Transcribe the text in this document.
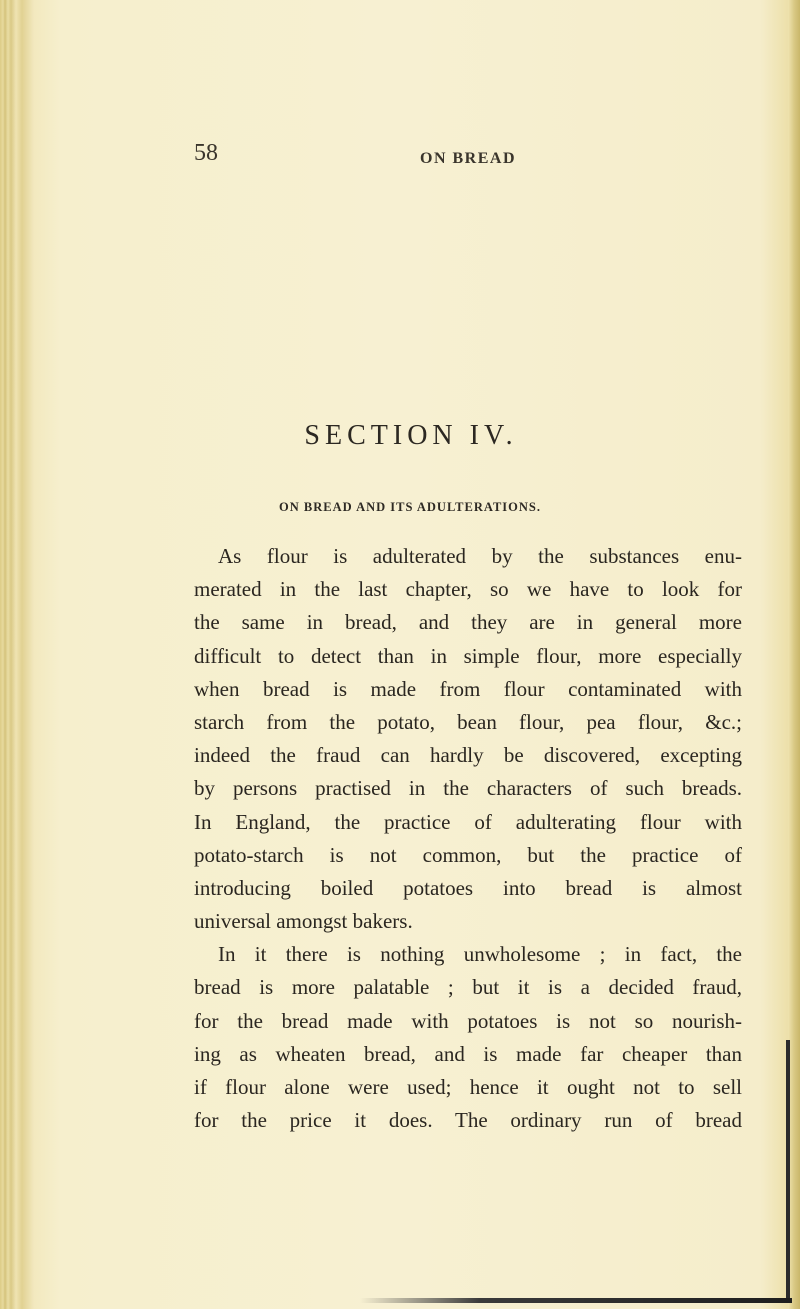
58	ON BREAD
SECTION IV.
ON BREAD AND ITS ADULTERATIONS.
As flour is adulterated by the substances enu-
merated in the last chapter, so we have to look for
the same in bread, and they are in general more
difficult to detect than in simple flour, more especially
when bread is made from flour contaminated with
starch from the potato, bean flour, pea flour, &c.;
indeed the fraud can hardly be discovered, excepting
by persons practised in the characters of such breads.
In England, the practice of adulterating flour with
potato-starch is not common, but the practice of
introducing boiled potatoes into bread is almost
universal amongst bakers.
In it there is nothing unwholesome ; in fact, the
bread is more palatable ; but it is a decided fraud,
for the bread made with potatoes is not so nourish-
ing as wheaten bread, and is made far cheaper than
if flour alone were used; hence it ought not to sell
for the price it does. The ordinary run of bread
